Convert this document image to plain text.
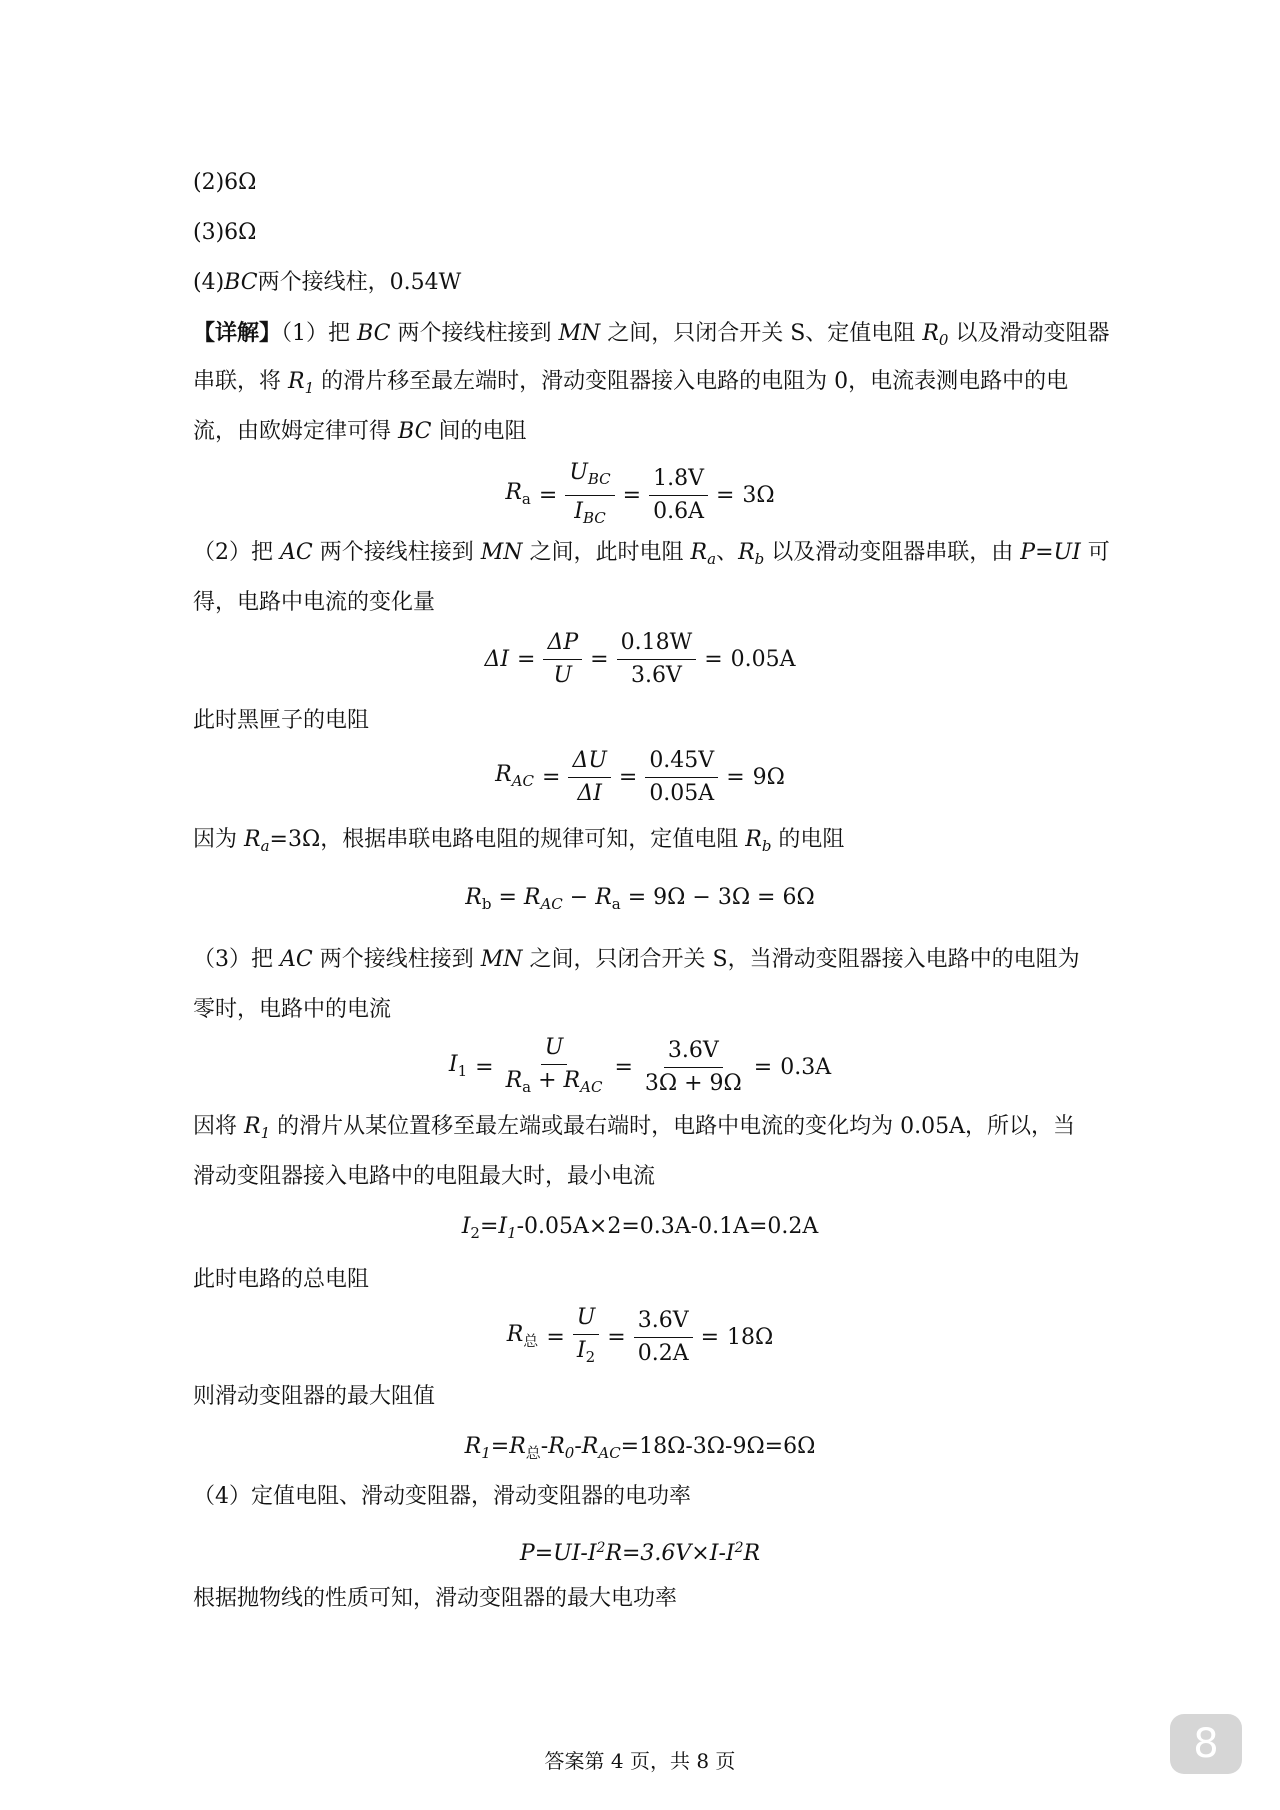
(2)6Ω
(3)6Ω
(4)BC两个接线柱，0.54W
【详解】（1）把 BC 两个接线柱接到 MN 之间，只闭合开关 S、定值电阻 $R_0$ 以及滑动变阻器
串联，将 $R_1$ 的滑片移至最左端时，滑动变阻器接入电路的电阻为 0，电流表测电路中的电
流，由欧姆定律可得 BC 间的电阻
$R_a = \frac{U_{BC}}{I_{BC}} = \frac{1.8V}{0.6A} = 3\Omega$
（2）把 AC 两个接线柱接到 MN 之间，此时电阻 $R_a$、$R_b$ 以及滑动变阻器串联，由 P=UI 可
得，电路中电流的变化量
$\Delta I = \frac{\Delta P}{U} = \frac{0.18W}{3.6V} = 0.05A$
此时黑匣子的电阻
$R_{AC} = \frac{\Delta U}{\Delta I} = \frac{0.45V}{0.05A} = 9\Omega$
因为 $R_a=3\Omega$，根据串联电路电阻的规律可知，定值电阻 $R_b$ 的电阻
$R_b = R_{AC} - R_a = 9\Omega - 3\Omega = 6\Omega$
（3）把 AC 两个接线柱接到 MN 之间，只闭合开关 S，当滑动变阻器接入电路中的电阻为
零时，电路中的电流
$I_1 = \frac{U}{R_a + R_{AC}} = \frac{3.6V}{3\Omega + 9\Omega} = 0.3A$
因将 $R_1$ 的滑片从某位置移至最左端或最右端时，电路中电流的变化均为 0.05A，所以，当
滑动变阻器接入电路中的电阻最大时，最小电流
$I_2=I_1-0.05A\times 2=0.3A-0.1A=0.2A$
此时电路的总电阻
$R_总 = \frac{U}{I_2} = \frac{3.6V}{0.2A} = 18\Omega$
则滑动变阻器的最大阻值
$R_1=R_总-R_0-R_{AC}=18\Omega-3\Omega-9\Omega=6\Omega$
（4）定值电阻、滑动变阻器，滑动变阻器的电功率
$P=UI-I^2R=3.6V\times I-I^2R$
根据抛物线的性质可知，滑动变阻器的最大电功率
答案第 4 页，共 8 页	8
